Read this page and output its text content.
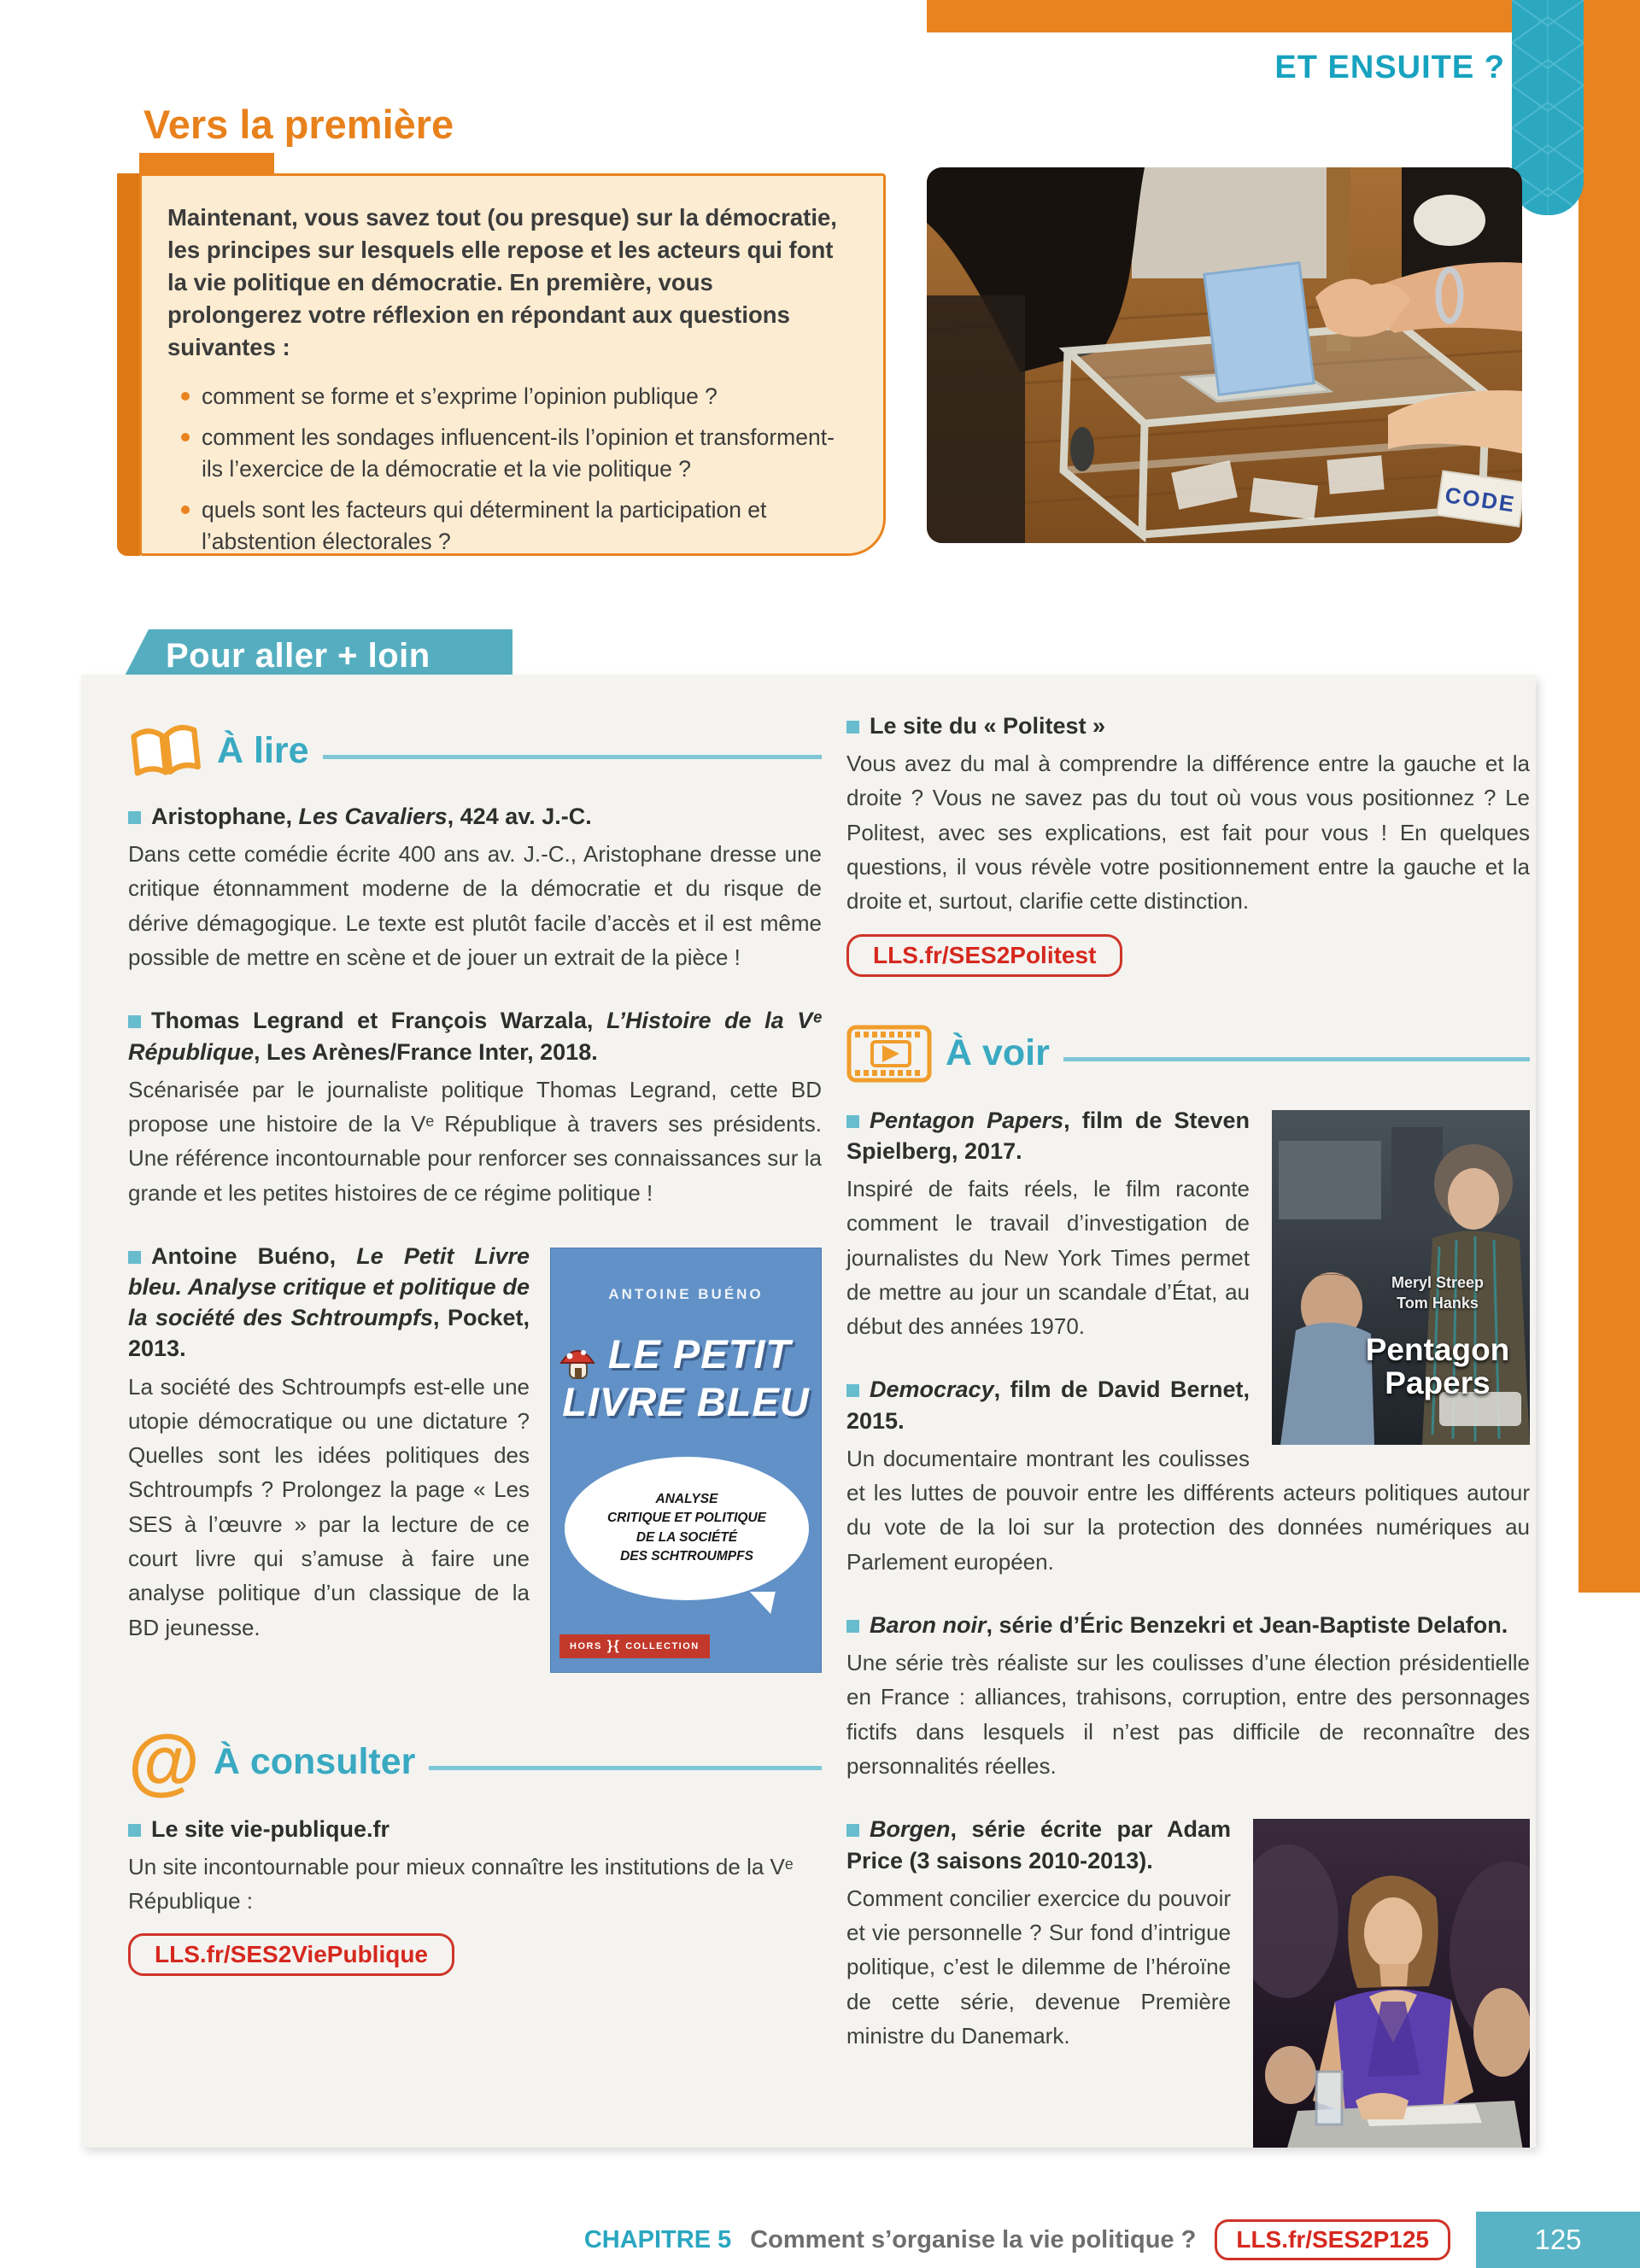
ET ENSUITE ?
Vers la première

Maintenant, vous savez tout (ou presque) sur la démocratie, les principes sur lesquels elle repose et les acteurs qui font la vie politique en démocratie. En première, vous prolongerez votre réflexion en répondant aux questions suivantes :

comment se forme et s’exprime l’opinion publique ?
comment les sondages influencent-ils l’opinion et transforment-ils l’exercice de la démocratie et la vie politique ?
quels sont les facteurs qui déterminent la participation et l’abstention électorales ?
CODE
Pour aller + loin
À lire
Aristophane, Les Cavaliers, 424 av. J.-C.
Dans cette comédie écrite 400 ans av. J.-C., Aristophane dresse une critique étonnamment moderne de la démocratie et du risque de dérive démagogique. Le texte est plutôt facile d’accès et il est même possible de mettre en scène et de jouer un extrait de la pièce !
Thomas Legrand et François Warzala, L’Histoire de la Vᵉ République, Les Arènes/France Inter, 2018.
Scénarisée par le journaliste politique Thomas Legrand, cette BD propose une histoire de la Vᵉ République à travers ses présidents. Une référence incontournable pour renforcer ses connaissances sur la grande et les petites histoires de ce régime politique !
ANTOINE BUÉNO
LE PETIT
LIVRE BLEU
ANALYSE
CRITIQUE ET POLITIQUE
DE LA SOCIÉTÉ
DES SCHTROUMPFS
HORS }{ COLLECTION
Antoine Buéno, Le Petit Livre bleu. Analyse critique et politique de la société des Schtroumpfs, Pocket, 2013.
La société des Schtroumpfs est-elle une utopie démocratique ou une dictature ? Quelles sont les idées politiques des Schtroumpfs ? Prolongez la page « Les SES à l’œuvre » par la lecture de ce court livre qui s’amuse à faire une analyse politique d’un classique de la BD jeunesse.
@ À consulter
Le site vie-publique.fr
Un site incontournable pour mieux connaître les institutions de la Vᵉ République :
LLS.fr/SES2ViePublique
Le site du « Politest »
Vous avez du mal à comprendre la différence entre la gauche et la droite ? Vous ne savez pas du tout où vous vous positionnez ? Le Politest, avec ses explications, est fait pour vous ! En quelques questions, il vous révèle votre positionnement entre la gauche et la droite et, surtout, clarifie cette distinction.
LLS.fr/SES2Politest
À voir
Meryl Streep
Tom Hanks
Pentagon
Papers
Pentagon Papers, film de Steven Spielberg, 2017.
Inspiré de faits réels, le film raconte comment le travail d’investigation de journalistes du New York Times permet de mettre au jour un scandale d’État, au début des années 1970.
Democracy, film de David Bernet, 2015.
Un documentaire montrant les coulisses et les luttes de pouvoir entre les différents acteurs politiques autour du vote de la loi sur la protection des données numériques au Parlement européen.
Baron noir, série d’Éric Benzekri et Jean-Baptiste Delafon.
Une série très réaliste sur les coulisses d’une élection présidentielle en France : alliances, trahisons, corruption, entre des personnages fictifs dans lesquels il n’est pas difficile de reconnaître des personnalités réelles.
Borgen, série écrite par Adam Price (3 saisons 2010-2013).
Comment concilier exercice du pouvoir et vie personnelle ? Sur fond d’intrigue politique, c’est le dilemme de l’héroïne de cette série, devenue Première ministre du Danemark.
CHAPITRE 5 Comment s’organise la vie politique ?	LLS.fr/SES2P125	125
